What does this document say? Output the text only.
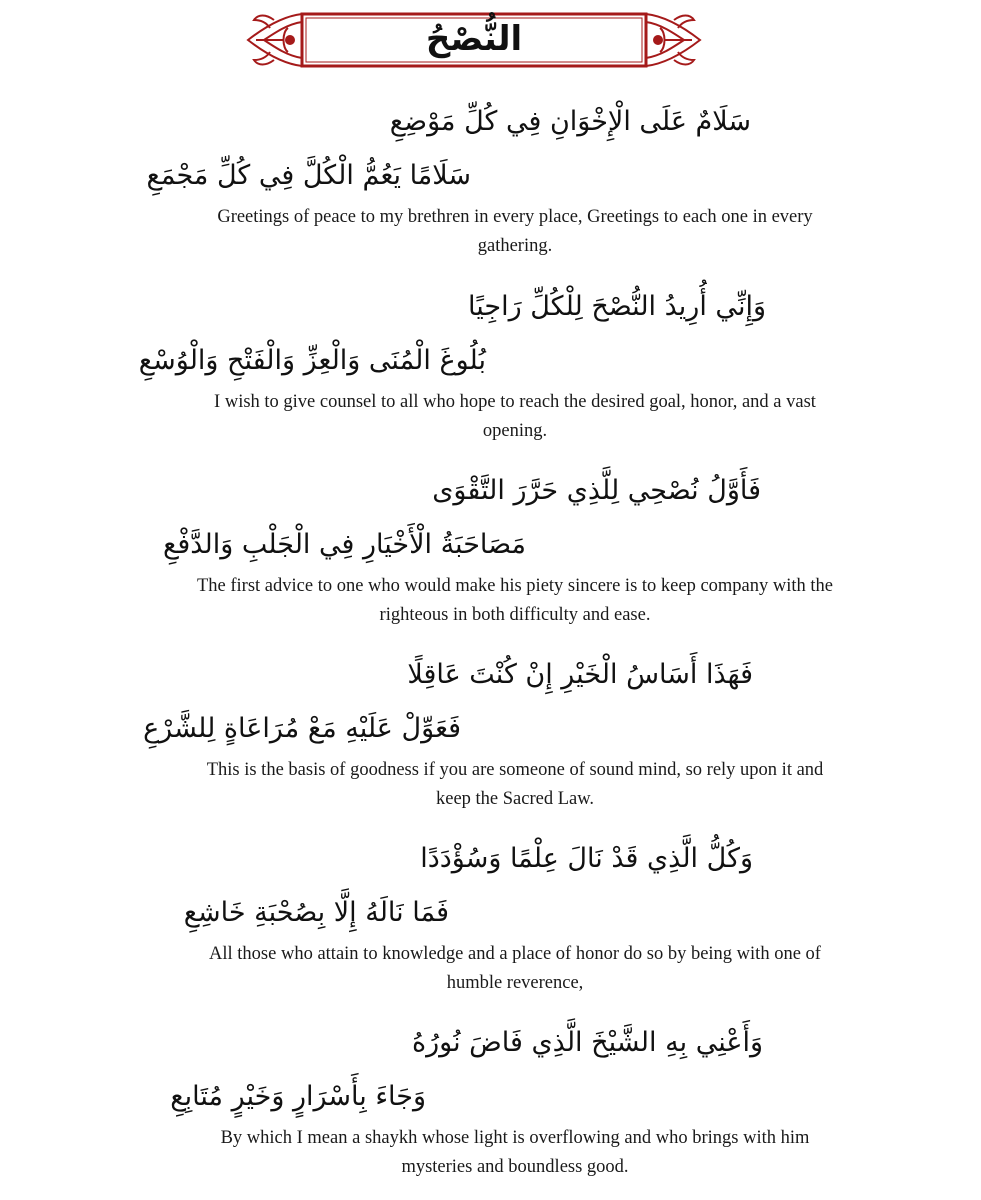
النُّصْحُ
سَلَامٌ عَلَى الْإِخْوَانِ فِي كُلِّ مَوْضِعِ
سَلَامًا يَعُمُّ الْكُلَّ فِي كُلِّ مَجْمَعِ
Greetings of peace to my brethren in every place, Greetings to each one in every gathering.
وَإِنِّي أُرِيدُ النُّصْحَ لِلْكُلِّ رَاجِيًا
بُلُوغَ الْمُنَى وَالْعِزِّ وَالْفَتْحِ وَالْوُسْعِ
I wish to give counsel to all who hope to reach the desired goal, honor, and a vast opening.
فَأَوَّلُ نُصْحِي لِلَّذِي حَرَّرَ التَّقْوَى
مَصَاحَبَةُ الْأَخْيَارِ فِي الْجَلْبِ وَالدَّفْعِ
The first advice to one who would make his piety sincere is to keep company with the righteous in both difficulty and ease.
فَهَذَا أَسَاسُ الْخَيْرِ إِنْ كُنْتَ عَاقِلًا
فَعَوِّلْ عَلَيْهِ مَعْ مُرَاعَاةٍ لِلشَّرْعِ
This is the basis of goodness if you are someone of sound mind, so rely upon it and keep the Sacred Law.
وَكُلُّ الَّذِي قَدْ نَالَ عِلْمًا وَسُؤْدَدًا
فَمَا نَالَهُ إِلَّا بِصُحْبَةِ خَاشِعِ
All those who attain to knowledge and a place of honor do so by being with one of humble reverence,
وَأَعْنِي بِهِ الشَّيْخَ الَّذِي فَاضَ نُورُهُ
وَجَاءَ بِأَسْرَارٍ وَخَيْرٍ مُتَابِعِ
By which I mean a shaykh whose light is overflowing and who brings with him mysteries and boundless good.
